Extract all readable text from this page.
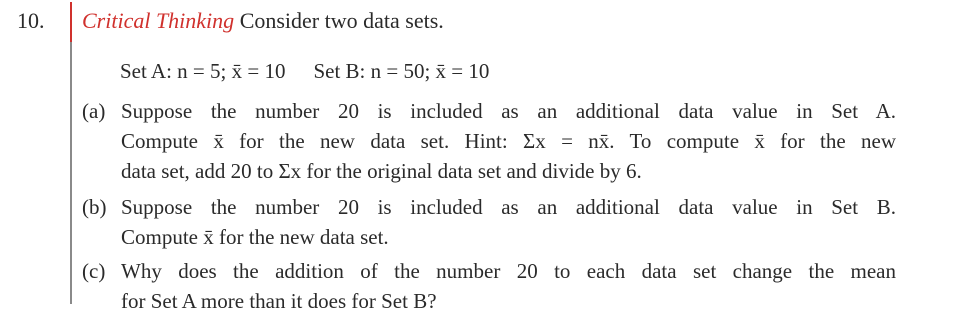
10. Critical Thinking Consider two data sets.
Set A: n = 5; x̄ = 10 Set B: n = 50; x̄ = 10
(a) Suppose the number 20 is included as an additional data value in Set A.
Compute x̄ for the new data set. Hint: Σx = nx̄. To compute x̄ for the new
data set, add 20 to Σx for the original data set and divide by 6.
(b) Suppose the number 20 is included as an additional data value in Set B.
Compute x̄ for the new data set.
(c) Why does the addition of the number 20 to each data set change the mean
for Set A more than it does for Set B?
